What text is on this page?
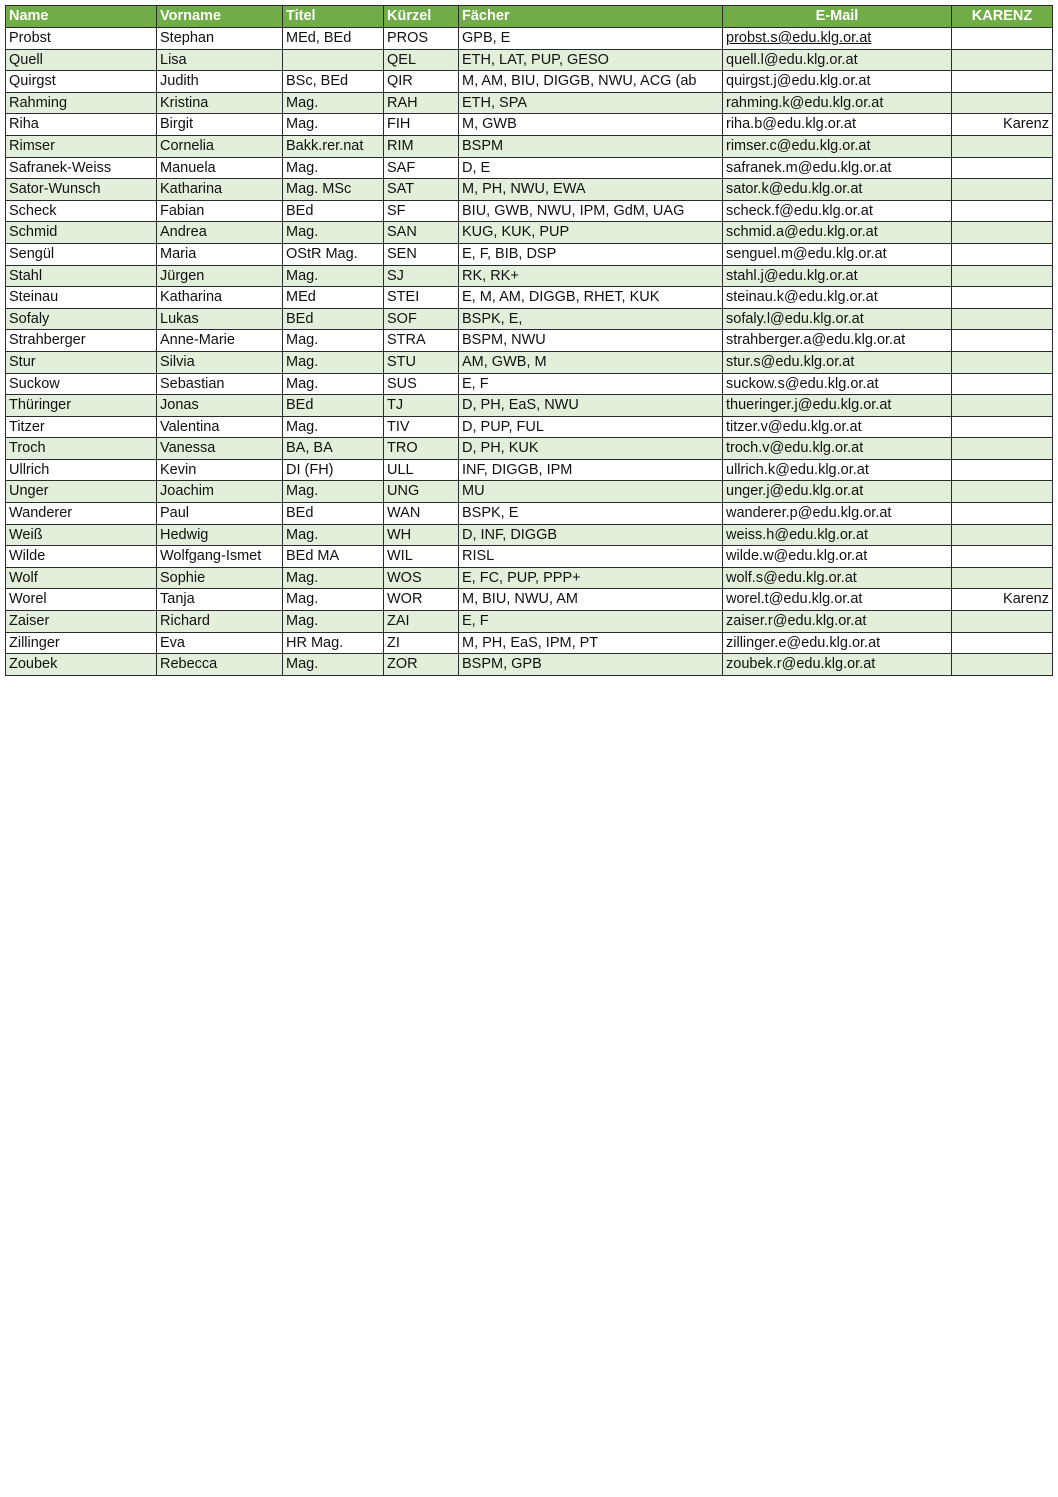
Name	Vorname	Titel	Kürzel	Fächer	E-Mail	KARENZ
Probst	Stephan	MEd, BEd	PROS	GPB, E	probst.s@edu.klg.or.at	
Quell	Lisa		QEL	ETH, LAT, PUP, GESO	quell.l@edu.klg.or.at	
Quirgst	Judith	BSc, BEd	QIR	M, AM, BIU, DIGGB, NWU, ACG (ab	quirgst.j@edu.klg.or.at	
Rahming	Kristina	Mag.	RAH	ETH, SPA	rahming.k@edu.klg.or.at	
Riha	Birgit	Mag.	FIH	M, GWB	riha.b@edu.klg.or.at	Karenz
Rimser	Cornelia	Bakk.rer.nat	RIM	BSPM	rimser.c@edu.klg.or.at	
Safranek-Weiss	Manuela	Mag.	SAF	D, E	safranek.m@edu.klg.or.at	
Sator-Wunsch	Katharina	Mag. MSc	SAT	M, PH, NWU, EWA	sator.k@edu.klg.or.at	
Scheck	Fabian	BEd	SF	BIU, GWB, NWU, IPM, GdM, UAG	scheck.f@edu.klg.or.at	
Schmid	Andrea	Mag.	SAN	KUG, KUK, PUP	schmid.a@edu.klg.or.at	
Sengül	Maria	OStR Mag.	SEN	E, F, BIB, DSP	senguel.m@edu.klg.or.at	
Stahl	Jürgen	Mag.	SJ	RK, RK+	stahl.j@edu.klg.or.at	
Steinau	Katharina	MEd	STEI	E, M, AM, DIGGB, RHET, KUK	steinau.k@edu.klg.or.at	
Sofaly	Lukas	BEd	SOF	BSPK, E,	sofaly.l@edu.klg.or.at	
Strahberger	Anne-Marie	Mag.	STRA	BSPM, NWU	strahberger.a@edu.klg.or.at	
Stur	Silvia	Mag.	STU	AM, GWB, M	stur.s@edu.klg.or.at	
Suckow	Sebastian	Mag.	SUS	E, F	suckow.s@edu.klg.or.at	
Thüringer	Jonas	BEd	TJ	D, PH, EaS, NWU	thueringer.j@edu.klg.or.at	
Titzer	Valentina	Mag.	TIV	D, PUP, FUL	titzer.v@edu.klg.or.at	
Troch	Vanessa	BA, BA	TRO	D, PH, KUK	troch.v@edu.klg.or.at	
Ullrich	Kevin	DI (FH)	ULL	INF, DIGGB, IPM	ullrich.k@edu.klg.or.at	
Unger	Joachim	Mag.	UNG	MU	unger.j@edu.klg.or.at	
Wanderer	Paul	BEd	WAN	BSPK, E	wanderer.p@edu.klg.or.at	
Weiß	Hedwig	Mag.	WH	D, INF, DIGGB	weiss.h@edu.klg.or.at	
Wilde	Wolfgang-Ismet	BEd MA	WIL	RISL	wilde.w@edu.klg.or.at	
Wolf	Sophie	Mag.	WOS	E, FC, PUP, PPP+	wolf.s@edu.klg.or.at	
Worel	Tanja	Mag.	WOR	M, BIU, NWU, AM	worel.t@edu.klg.or.at	Karenz
Zaiser	Richard	Mag.	ZAI	E, F	zaiser.r@edu.klg.or.at	
Zillinger	Eva	HR Mag.	ZI	M, PH, EaS, IPM, PT	zillinger.e@edu.klg.or.at	
Zoubek	Rebecca	Mag.	ZOR	BSPM, GPB	zoubek.r@edu.klg.or.at	
